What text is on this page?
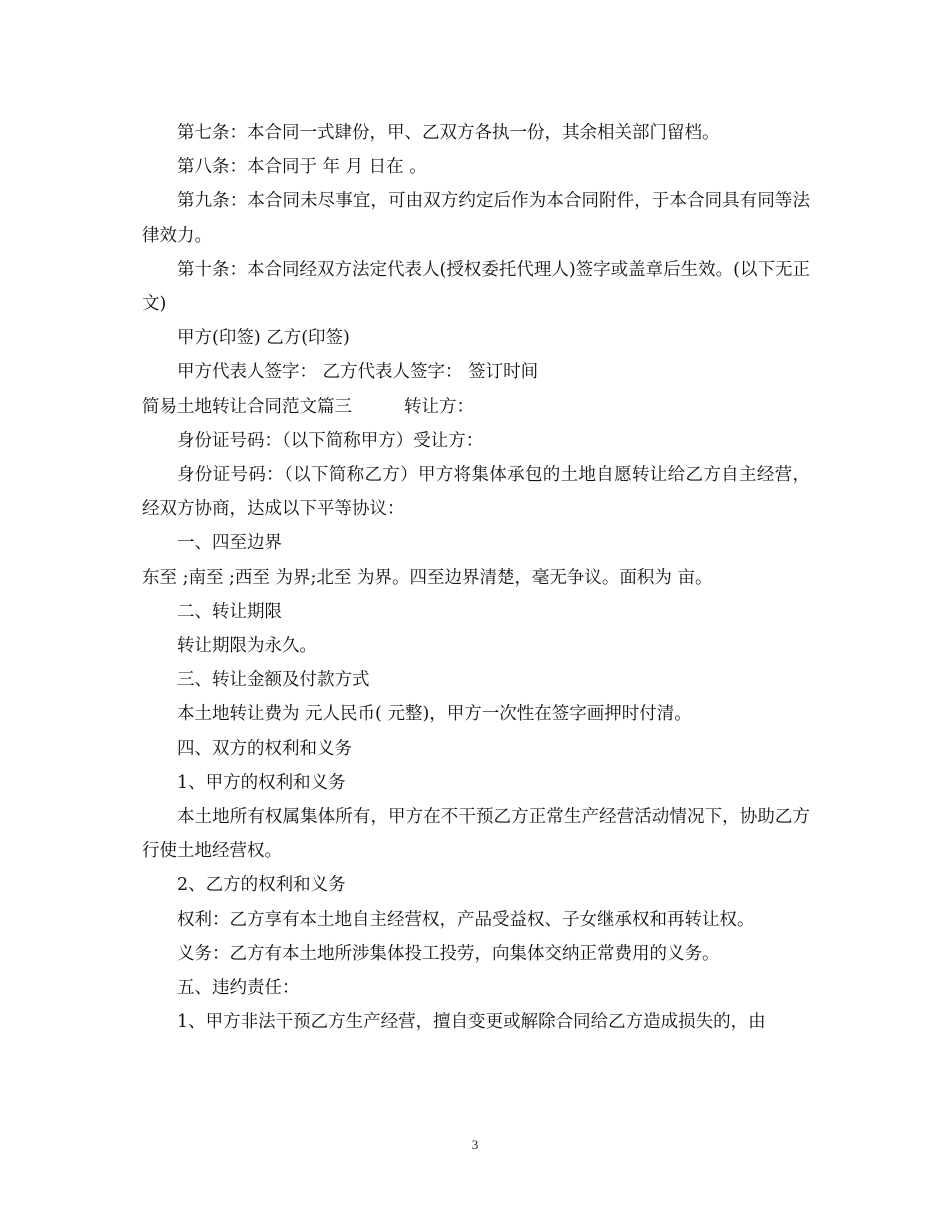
第七条：本合同一式肆份，甲、乙双方各执一份，其余相关部门留档。

第八条：本合同于 年 月 日在 。

第九条：本合同未尽事宜，可由双方约定后作为本合同附件，于本合同具有同等法律效力。

第十条：本合同经双方法定代表人(授权委托代理人)签字或盖章后生效。(以下无正文)

甲方(印签) 乙方(印签)

甲方代表人签字： 乙方代表人签字： 签订时间

简易土地转让合同范文篇三	转让方：

身份证号码：（以下简称甲方）受让方：

身份证号码：（以下简称乙方）甲方将集体承包的土地自愿转让给乙方自主经营，经双方协商，达成以下平等协议：

一、四至边界

东至 ;南至 ;西至 为界;北至 为界。四至边界清楚，毫无争议。面积为 亩。

二、转让期限

转让期限为永久。

三、转让金额及付款方式

本土地转让费为 元人民币( 元整)，甲方一次性在签字画押时付清。

四、双方的权利和义务

1、甲方的权利和义务

本土地所有权属集体所有，甲方在不干预乙方正常生产经营活动情况下，协助乙方行使土地经营权。

2、乙方的权利和义务

权利：乙方享有本土地自主经营权，产品受益权、子女继承权和再转让权。

义务：乙方有本土地所涉集体投工投劳，向集体交纳正常费用的义务。

五、违约责任：

1、甲方非法干预乙方生产经营，擅自变更或解除合同给乙方造成损失的，由

3
